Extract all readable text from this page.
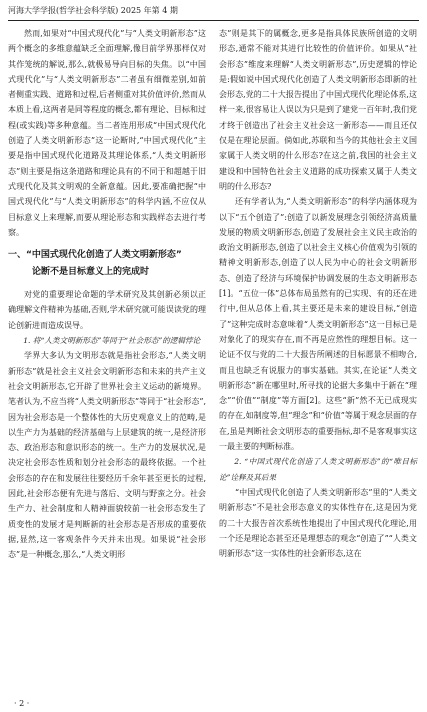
河海大学学报(哲学社会科学版) 2025 年第 4 期

然而,如果对“中国式现代化”与“人类文明新形态”这两个概念的多维意蕴缺乏全面理解,像目前学界那样仅对其作笼统的解说,那么,就极易导向目标的失焦。以“中国式现代化”与“人类文明新形态”二者虽有细微差别,如前者侧重实践、道路和过程,后者侧重对其价值评价,然而从本质上看,这两者是同等程度的概念,都有理论、目标和过程(或实践)等多种意蕴。当二者连用形成“中国式现代化创造了人类文明新形态”这一论断时,“中国式现代化”主要是指中国式现代化道路及其理论体系,“人类文明新形态”则主要是指这条道路和理论具有的不同于和超越于旧式现代化及其文明观的全新意蕴。因此,要准确把握“中国式现代化”与“人类文明新形态”的科学内涵,不应仅从目标意义上来理解,而要从理论形态和实践样态去进行考察。

一、“中国式现代化创造了人类文明新形态”
论断不是目标意义上的完成时

对党的重要理论命题的学术研究及其创新必须以正确理解文件精神为基础,否则,学术研究就可能误读党的理论创新进而造成误导。

1. 将“人类文明新形态”等同于“社会形态”的逻辑悖论

学界大多认为文明形态就是指社会形态,“人类文明新形态”就是社会主义社会文明新形态和未来的共产主义社会文明新形态,它开辟了世界社会主义运动的新境界。笔者认为,不应当将“人类文明新形态”等同于“社会形态”,因为社会形态是一个整体性的大历史观意义上的范畴,是以生产力为基础的经济基础与上层建筑的统一,是经济形态、政治形态和意识形态的统一。生产力的发展状况,是决定社会形态性质和划分社会形态的最终依据。一个社会形态的存在和发展往往要经历千余年甚至更长的过程,因此,社会形态便有先进与落后、文明与野蛮之分。社会生产力、社会制度和人精神面貌较前一社会形态发生了质变性的发展才是判断新的社会形态是否形成的重要依据,显然,这一客观条件今天并未出现。如果说“社会形态”是一种概念,那么,“人类文明形

态”则是其下的属概念,更多是指具体民族所创造的文明形态,通常不能对其进行比较性的价值评价。如果从“社会形态”维度来理解“人类文明新形态”,历史逻辑的悖论是:假如说中国式现代化创造了人类文明新形态即新的社会形态,党的二十大报告提出了中国式现代化理论体系,这样一来,很容易让人误以为只是到了建党一百年时,我们党才终于创造出了社会主义社会这一新形态——而且还仅仅是在理论层面。倘如此,苏联和当今的其他社会主义国家属于人类文明的什么形态?在这之前,我国的社会主义建设和中国特色社会主义道路的成功探索又属于人类文明的什么形态?

还有学者认为,“人类文明新形态”的科学内涵体现为以下“五个创造了”:创造了以新发展理念引领经济高质量发展的物质文明新形态,创造了发展社会主义民主政治的政治文明新形态,创造了以社会主义核心价值观为引领的精神文明新形态,创造了以人民为中心的社会文明新形态、创造了经济与环境保护协调发展的生态文明新形态[1]。“五位一体”总体布局虽然有的已实现、有的还在进行中,但从总体上看,其主要还是未来的建设目标,“创造了”这种完成时态意味着“人类文明新形态”这一目标已是对象化了的现实存在,而不再是应然性的理想目标。这一论证不仅与党的二十大报告所阐述的目标愿景不相吻合,而且也缺乏有说服力的事实基础。其实,在论证“人类文明新形态”新在哪里时,所寻找的论据大多集中于新在“理念”“价值”“制度”等方面[2]。这些“新”然不无已成现实的存在,如制度等,但“理念”和“价值”等属于观念层面的存在,虽是判断社会文明形态的重要指标,却不是客观事实这一最主要的判断标准。

2. “中国式现代化创造了人类文明新形态”的“唯目标论”诠释及其后果

“中国式现代化创造了人类文明新形态”里的“人类文明新形态”不是社会形态意义的实体性存在,这是因为党的二十大报告首次系统性地提出了中国式现代化理论,用一个还是理论态甚至还是理想态的观念“创造了”“人类文明新形态”这一实体性的社会新形态,这在

· 2 ·
